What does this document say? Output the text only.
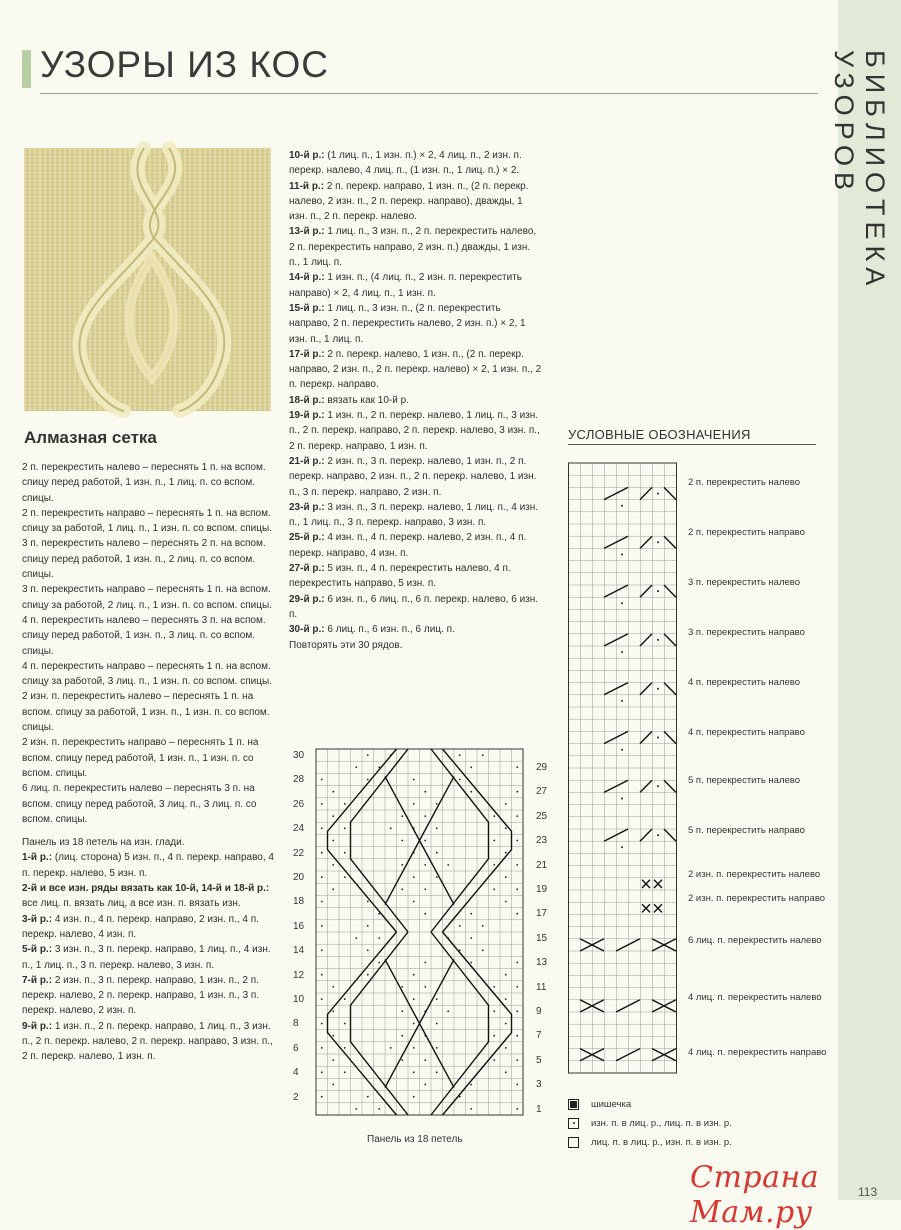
БИБЛИОТЕКА УЗОРОВ
УЗОРЫ ИЗ КОС
Алмазная сетка

2 п. перекрестить налево – переснять 1 п. на вспом. спицу перед работой, 1 изн. п., 1 лиц. п. со вспом. спицы.

2 п. перекрестить направо – переснять 1 п. на вспом. спицу за работой, 1 лиц. п., 1 изн. п. со вспом. спицы.

3 п. перекрестить налево – переснять 2 п. на вспом. спицу перед работой, 1 изн. п., 2 лиц. п. со вспом. спицы.

3 п. перекрестить направо – переснять 1 п. на вспом. спицу за работой, 2 лиц. п., 1 изн. п. со вспом. спицы.

4 п. перекрестить налево – переснять 3 п. на вспом. спицу перед работой, 1 изн. п., 3 лиц. п. со вспом. спицы.

4 п. перекрестить направо – переснять 1 п. на вспом. спицу за работой, 3 лиц. п., 1 изн. п. со вспом. спицы.

2 изн. п. перекрестить налево – переснять 1 п. на вспом. спицу за работой, 1 изн. п., 1 изн. п. со вспом. спицы.

2 изн. п. перекрестить направо – переснять 1 п. на вспом. спицу перед работой, 1 изн. п., 1 изн. п. со вспом. спицы.

6 лиц. п. перекрестить налево – переснять 3 п. на вспом. спицу перед работой, 3 лиц. п., 3 лиц. п. со вспом. спицы.

Панель из 18 петель на изн. глади.

1-й р.: (лиц. сторона) 5 изн. п., 4 п. перекр. направо, 4 п. перекр. налево, 5 изн. п.

2-й и все изн. ряды вязать как 10-й, 14-й и 18-й р.: все лиц. п. вязать лиц, а все изн. п. вязать изн.

3-й р.: 4 изн. п., 4 п. перекр. направо, 2 изн. п., 4 п. перекр. налево, 4 изн. п.

5-й р.: 3 изн. п., 3 п. перекр. направо, 1 лиц. п., 4 изн. п., 1 лиц. п., 3 п. перекр. налево, 3 изн. п.

7-й р.: 2 изн. п., 3 п. перекр. направо, 1 изн. п., 2 п. перекр. налево, 2 п. перекр. направо, 1 изн. п., 3 п. перекр. налево, 2 изн. п.

9-й р.: 1 изн. п., 2 п. перекр. направо, 1 лиц. п., 3 изн. п., 2 п. перекр. налево, 2 п. перекр. направо, 3 изн. п., 2 п. перекр. налево, 1 изн. п.

10-й р.: (1 лиц. п., 1 изн. п.) × 2, 4 лиц. п., 2 изн. п. перекр. налево, 4 лиц. п., (1 изн. п., 1 лиц. п.) × 2.

11-й р.: 2 п. перекр. направо, 1 изн. п., (2 п. перекр. налево, 2 изн. п., 2 п. перекр. направо), дважды, 1 изн. п., 2 п. перекр. налево.

13-й р.: 1 лиц. п., 3 изн. п., 2 п. перекрестить налево, 2 п. перекрестить направо, 2 изн. п.) дважды, 1 изн. п., 1 лиц. п.

14-й р.: 1 изн. п., (4 лиц. п., 2 изн. п. перекрестить направо) × 2, 4 лиц. п., 1 изн. п.

15-й р.: 1 лиц. п., 3 изн. п., (2 п. перекрестить направо, 2 п. перекрестить налево, 2 изн. п.) × 2, 1 изн. п., 1 лиц. п.

17-й р.: 2 п. перекр. налево, 1 изн. п., (2 п. перекр. направо, 2 изн. п., 2 п. перекр. налево) × 2, 1 изн. п., 2 п. перекр. направо.

18-й р.: вязать как 10-й р.

19-й р.: 1 изн. п., 2 п. перекр. налево, 1 лиц. п., 3 изн. п., 2 п. перекр. направо, 2 п. перекр. налево, 3 изн. п., 2 п. перекр. направо, 1 изн. п.

21-й р.: 2 изн. п., 3 п. перекр. налево, 1 изн. п., 2 п. перекр. направо, 2 изн. п., 2 п. перекр. налево, 1 изн. п., 3 п. перекр. направо, 2 изн. п.

23-й р.: 3 изн. п., 3 п. перекр. налево, 1 лиц. п., 4 изн. п., 1 лиц. п., 3 п. перекр. направо, 3 изн. п.

25-й р.: 4 изн. п., 4 п. перекр. налево, 2 изн. п., 4 п. перекр. направо, 4 изн. п.

27-й р.: 5 изн. п., 4 п. перекрестить налево, 4 п. перекрестить направо, 5 изн. п.

29-й р.: 6 изн. п., 6 лиц. п., 6 п. перекр. налево, 6 изн. п.

30-й р.: 6 лиц. п., 6 изн. п., 6 лиц. п.

Повторять эти 30 рядов.

30
28
26
24
22
20
18
16
14
12
10
8
6
4
2
29
27
25
23
21
19
17
15
13
11
9
7
5
3
1
Панель из 18 петель
УСЛОВНЫЕ ОБОЗНАЧЕНИЯ
2 п. перекрестить налево
2 п. перекрестить направо
3 п. перекрестить налево
3 п. перекрестить направо
4 п. перекрестить налево
4 п. перекрестить направо
5 п. перекрестить налево
5 п. перекрестить направо
2 изн. п. перекрестить налево
2 изн. п. перекрестить направо
6 лиц. п. перекрестить налево
4 лиц. п. перекрестить налево
4 лиц. п. перекрестить направо
шишечка
изн. п. в лиц. р., лиц. п. в изн. р.
лиц. п. в лиц. р., изн. п. в изн. р.
Страна Мам.ру
113
